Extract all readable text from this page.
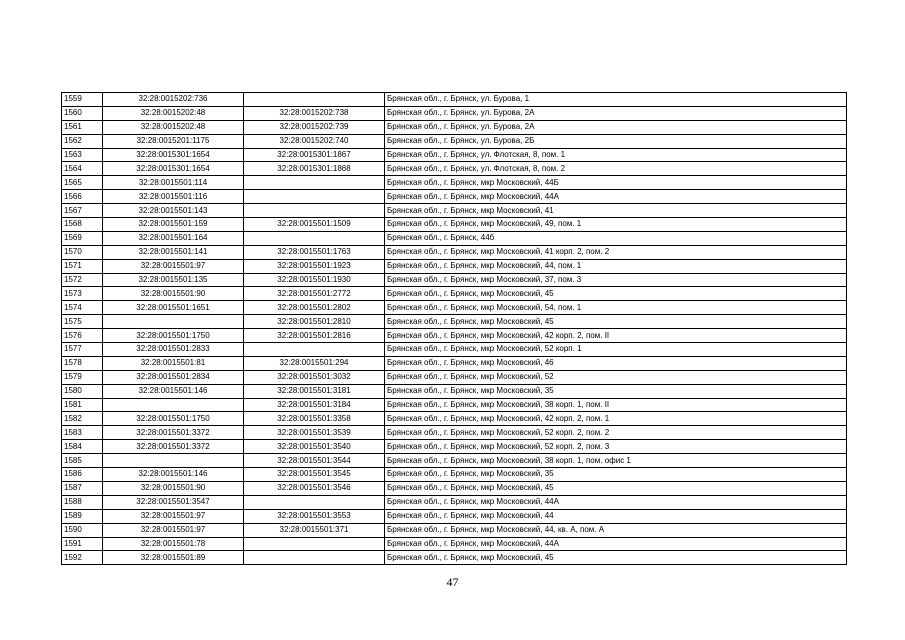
1559	32:28:0015202:736		Брянская обл., г. Брянск, ул. Бурова, 1
1560	32:28:0015202:48	32:28:0015202:738	Брянская обл., г. Брянск, ул. Бурова, 2А
1561	32:28:0015202:48	32:28:0015202:739	Брянская обл., г. Брянск, ул. Бурова, 2А
1562	32:28:0015201:1175	32:28:0015202:740	Брянская обл., г. Брянск, ул. Бурова, 2Б
1563	32:28:0015301:1654	32:28:0015301:1867	Брянская обл., г. Брянск, ул. Флотская, 8, пом. 1
1564	32:28:0015301:1654	32:28:0015301:1868	Брянская обл., г. Брянск, ул. Флотская, 8, пом. 2
1565	32:28:0015501:114		Брянская обл., г. Брянск, мкр Московский, 44Б
1566	32:28:0015501:116		Брянская обл., г. Брянск, мкр Московский, 44А
1567	32:28:0015501:143		Брянская обл., г. Брянск, мкр Московский, 41
1568	32:28:0015501:159	32:28:0015501:1509	Брянская обл., г. Брянск, мкр Московский, 49, пом. 1
1569	32:28:0015501:164		Брянская обл., г. Брянск, 44б
1570	32:28:0015501:141	32:28:0015501:1763	Брянская обл., г. Брянск, мкр Московский, 41 корп. 2, пом. 2
1571	32:28:0015501:97	32:28:0015501:1923	Брянская обл., г. Брянск, мкр Московский, 44, пом. 1
1572	32:28:0015501:135	32:28:0015501:1930	Брянская обл., г. Брянск, мкр Московский, 37, пом. 3
1573	32:28:0015501:90	32:28:0015501:2772	Брянская обл., г. Брянск, мкр Московский, 45
1574	32:28:0015501:1651	32:28:0015501:2802	Брянская обл., г. Брянск, мкр Московский, 54, пом. 1
1575		32:28:0015501:2810	Брянская обл., г. Брянск, мкр Московский, 45
1576	32:28:0015501:1750	32:28:0015501:2816	Брянская обл., г. Брянск, мкр Московский, 42 корп. 2, пом. II
1577	32:28:0015501:2833		Брянская обл., г. Брянск, мкр Московский, 52 корп. 1
1578	32:28:0015501:81	32:28:0015501:294	Брянская обл., г. Брянск, мкр Московский, 46
1579	32:28:0015501:2834	32:28:0015501:3032	Брянская обл., г. Брянск, мкр Московский, 52
1580	32:28:0015501:146	32:28:0015501:3181	Брянская обл., г. Брянск, мкр Московский, 35
1581		32:28:0015501:3184	Брянская обл., г. Брянск, мкр Московский, 38 корп. 1, пом. II
1582	32:28:0015501:1750	32:28:0015501:3358	Брянская обл., г. Брянск, мкр Московский, 42 корп. 2, пом. 1
1583	32:28:0015501:3372	32:28:0015501:3539	Брянская обл., г. Брянск, мкр Московский, 52 корп. 2, пом. 2
1584	32:28:0015501:3372	32:28:0015501:3540	Брянская обл., г. Брянск, мкр Московский, 52 корп. 2, пом. 3
1585		32:28:0015501:3544	Брянская обл., г. Брянск, мкр Московский, 38 корп. 1, пом. офис 1
1586	32:28:0015501:146	32:28:0015501:3545	Брянская обл., г. Брянск, мкр Московский, 35
1587	32:28:0015501:90	32:28:0015501:3546	Брянская обл., г. Брянск, мкр Московский, 45
1588	32:28:0015501:3547		Брянская обл., г. Брянск, мкр Московский, 44А
1589	32:28:0015501:97	32:28:0015501:3553	Брянская обл., г. Брянск, мкр Московский, 44
1590	32:28:0015501:97	32:28:0015501:371	Брянская обл., г. Брянск, мкр Московский, 44, кв. А, пом. А
1591	32:28:0015501:78		Брянская обл., г. Брянск, мкр Московский, 44А
1592	32:28:0015501:89		Брянская обл., г. Брянск, мкр Московский, 45
47
